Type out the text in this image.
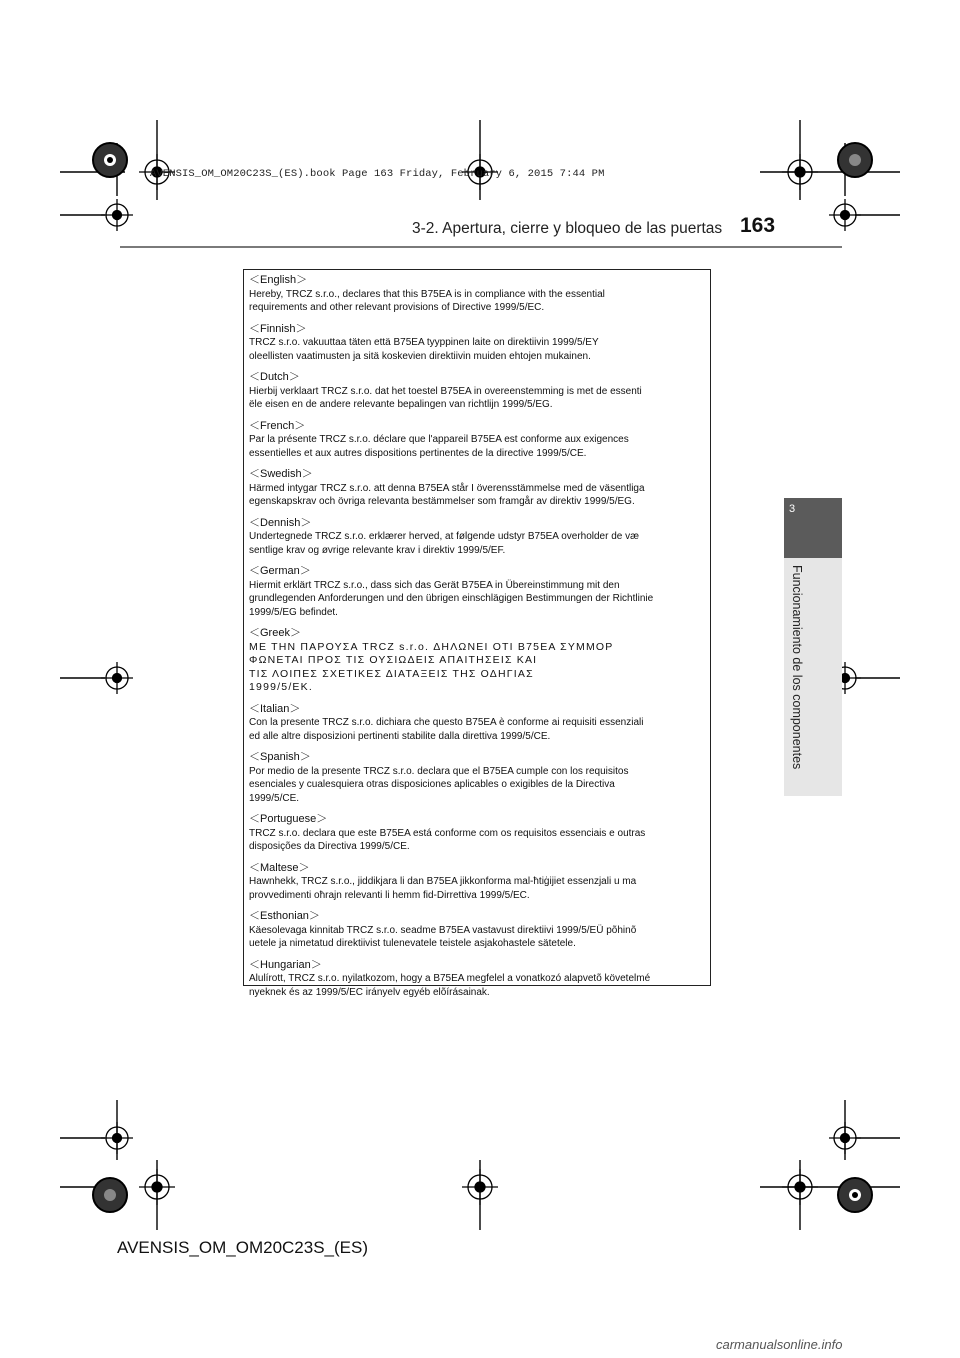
AVENSIS_OM_OM20C23S_(ES).book Page 163 Friday, February 6, 2015 7:44 PM
3-2. Apertura, cierre y bloqueo de las puertas 163
3
Funcionamiento de los componentes
＜English＞
Hereby, TRCZ s.r.o., declares that this B75EA is in compliance with the essential
requirements and other relevant provisions of Directive 1999/5/EC.
＜Finnish＞
TRCZ s.r.o. vakuuttaa täten että B75EA tyyppinen laite on direktiivin 1999/5/EY
oleellisten vaatimusten ja sitä koskevien direktiivin muiden ehtojen mukainen.
＜Dutch＞
Hierbij verklaart TRCZ s.r.o. dat het toestel B75EA in overeenstemming is met de essenti
ële eisen en de andere relevante bepalingen van richtlijn 1999/5/EG.
＜French＞
Par la présente TRCZ s.r.o. déclare que l'appareil B75EA est conforme aux exigences
essentielles et aux autres dispositions pertinentes de la directive 1999/5/CE.
＜Swedish＞
Härmed intygar TRCZ s.r.o. att denna B75EA står I överensstämmelse med de väsentliga
egenskapskrav och övriga relevanta bestämmelser som framgår av direktiv 1999/5/EG.
＜Dennish＞
Undertegnede TRCZ s.r.o. erklærer herved, at følgende udstyr B75EA overholder de væ
sentlige krav og øvrige relevante krav i direktiv 1999/5/EF.
＜German＞
Hiermit erklärt TRCZ s.r.o., dass sich das Gerät B75EA in Übereinstimmung mit den
grundlegenden Anforderungen und den übrigen einschlägigen Bestimmungen der Richtlinie
1999/5/EG befindet.
＜Greek＞
ΜΕ ΤΗΝ ΠΑΡΟΥΣΑ TRCZ s.r.o. ΔΗΛΩΝΕΙ ΟΤΙ B75EA ΣΥΜΜΟΡ
ΦΩΝΕΤΑΙ ΠΡΟΣ ΤΙΣ ΟΥΣΙΩΔΕΙΣ ΑΠΑΙΤΗΣΕΙΣ ΚΑΙ
ΤΙΣ ΛΟΙΠΕΣ ΣΧΕΤΙΚΕΣ ΔΙΑΤΑΞΕΙΣ ΤΗΣ ΟΔΗΓΙΑΣ
1999/5/EK.
＜Italian＞
Con la presente TRCZ s.r.o. dichiara che questo B75EA è conforme ai requisiti essenziali
ed alle altre disposizioni pertinenti stabilite dalla direttiva 1999/5/CE.
＜Spanish＞
Por medio de la presente TRCZ s.r.o. declara que el B75EA cumple con los requisitos
esenciales y cualesquiera otras disposiciones aplicables o exigibles de la Directiva
1999/5/CE.
＜Portuguese＞
TRCZ s.r.o. declara que este B75EA está conforme com os requisitos essenciais e outras
disposições da Directiva 1999/5/CE.
＜Maltese＞
Hawnhekk, TRCZ s.r.o., jiddikjara li dan B75EA jikkonforma mal-ħtiġijiet essenzjali u ma
provvedimenti oħrajn relevanti li hemm fid-Dirrettiva 1999/5/EC.
＜Esthonian＞
Käesolevaga kinnitab TRCZ s.r.o. seadme B75EA vastavust direktiivi 1999/5/EÜ põhinõ
uetele ja nimetatud direktiivist tulenevatele teistele asjakohastele sätetele.
＜Hungarian＞
Alulírott, TRCZ s.r.o. nyilatkozom, hogy a B75EA megfelel a vonatkozó alapvetõ követelmé
nyeknek és az 1999/5/EC irányelv egyéb elõírásainak.
AVENSIS_OM_OM20C23S_(ES)
carmanualsonline.info
